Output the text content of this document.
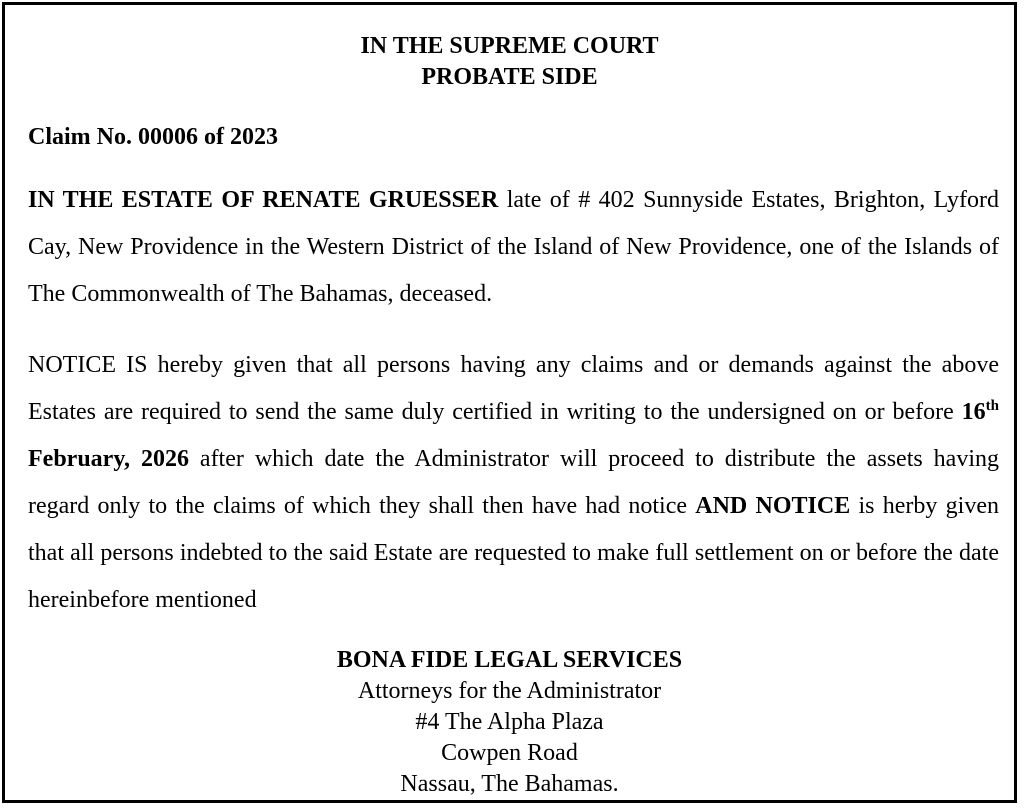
IN THE SUPREME COURT
PROBATE SIDE
Claim No. 00006 of 2023
IN THE ESTATE OF RENATE GRUESSER late of # 402 Sunnyside Estates, Brighton, Lyford Cay, New Providence in the Western District of the Island of New Providence, one of the Islands of The Commonwealth of The Bahamas, deceased.
NOTICE IS hereby given that all persons having any claims and or demands against the above Estates are required to send the same duly certified in writing to the undersigned on or before 16th February, 2026 after which date the Administrator will proceed to distribute the assets having regard only to the claims of which they shall then have had notice AND NOTICE is herby given that all persons indebted to the said Estate are requested to make full settlement on or before the date hereinbefore mentioned
BONA FIDE LEGAL SERVICES
Attorneys for the Administrator
#4 The Alpha Plaza
Cowpen Road
Nassau, The Bahamas.
